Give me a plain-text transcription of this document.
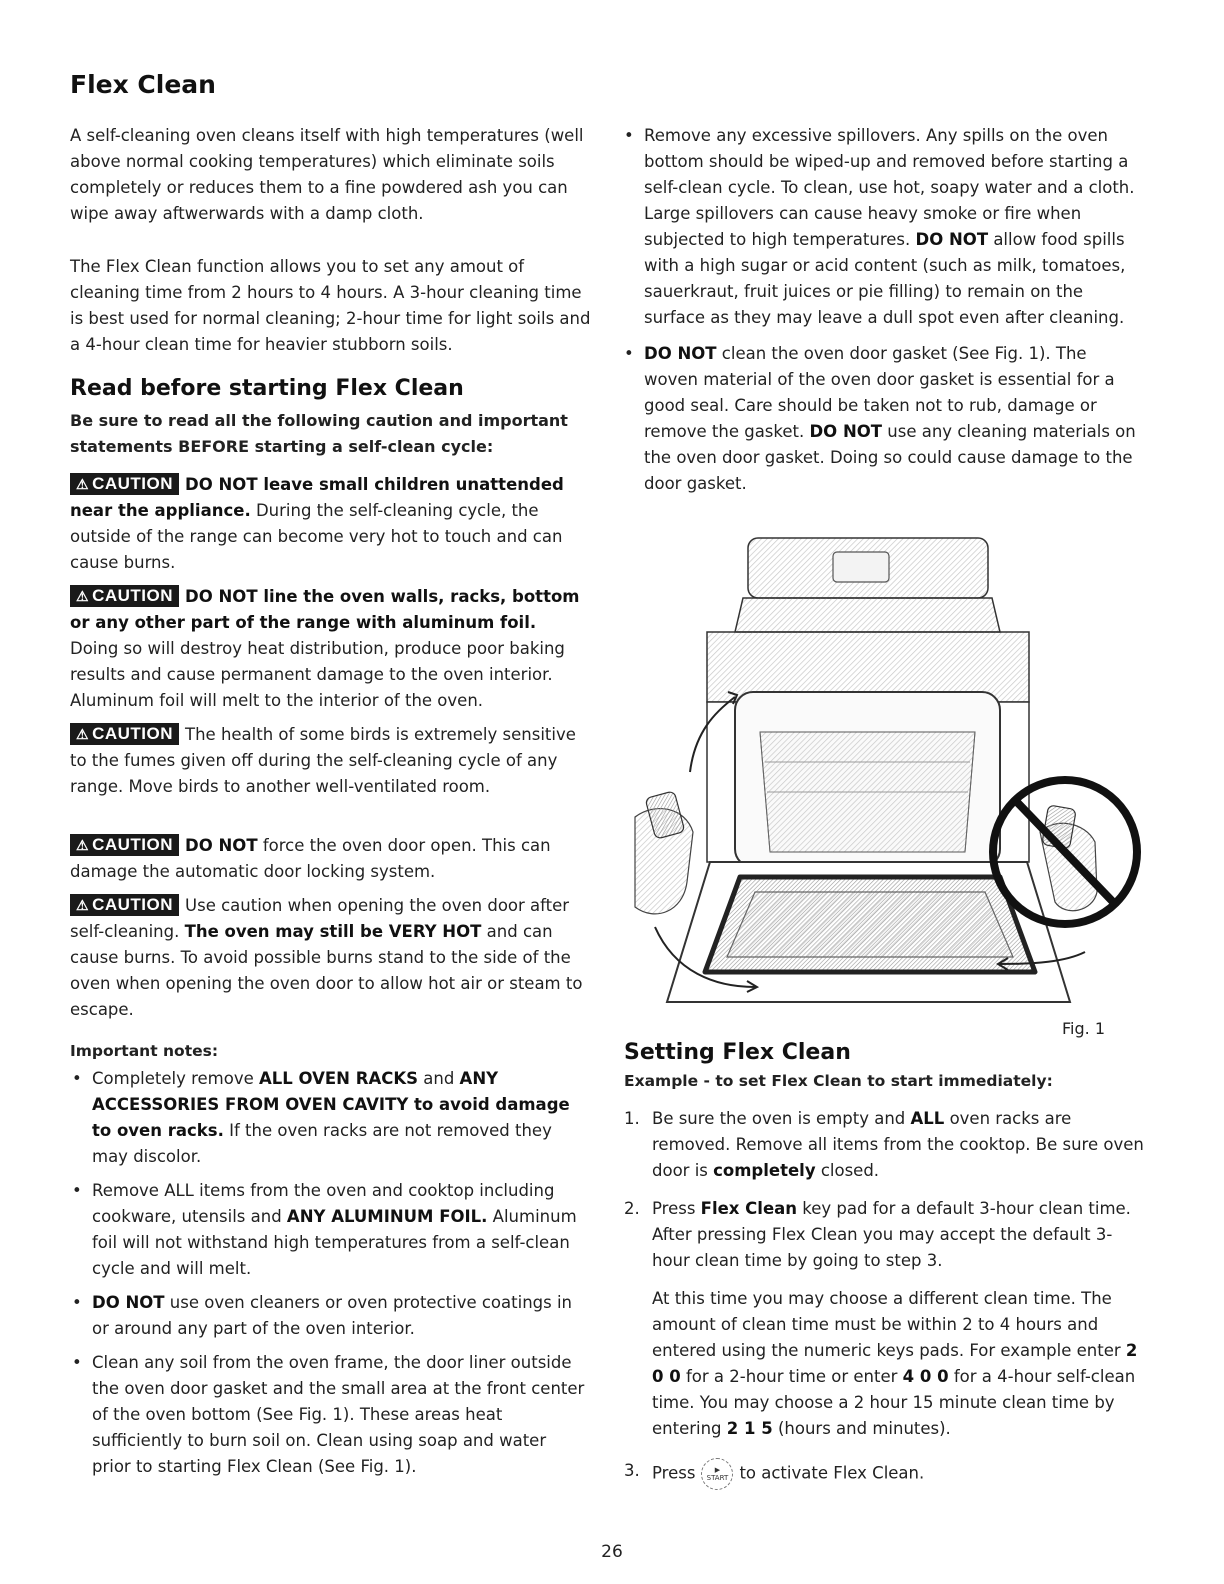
Flex Clean

A self-cleaning oven cleans itself with high temperatures (well above normal cooking temperatures) which eliminate soils completely or reduces them to a fine powdered ash you can wipe away aftwerwards with a damp cloth.

The Flex Clean function allows you to set any amout of cleaning time from 2 hours to 4 hours. A 3-hour cleaning time is best used for normal cleaning; 2-hour time for light soils and a 4-hour clean time for heavier stubborn soils.

Read before starting Flex Clean

Be sure to read all the following caution and important statements BEFORE starting a self-clean cycle:

⚠ CAUTION DO NOT leave small children unattended near the appliance. During the self-cleaning cycle, the outside of the range can become very hot to touch and can cause burns.

⚠ CAUTION DO NOT line the oven walls, racks, bottom or any other part of the range with aluminum foil. Doing so will destroy heat distribution, produce poor baking results and cause permanent damage to the oven interior. Aluminum foil will melt to the interior of the oven.

⚠ CAUTION The health of some birds is extremely sensitive to the fumes given off during the self-cleaning cycle of any range. Move birds to another well-ventilated room.

⚠ CAUTION DO NOT force the oven door open. This can damage the automatic door locking system.

⚠ CAUTION Use caution when opening the oven door after self-cleaning. The oven may still be VERY HOT and can cause burns. To avoid possible burns stand to the side of the oven when opening the oven door to allow hot air or steam to escape.

Important notes:
• Completely remove ALL OVEN RACKS and ANY ACCESSORIES FROM OVEN CAVITY to avoid damage to oven racks. If the oven racks are not removed they may discolor.
• Remove ALL items from the oven and cooktop including cookware, utensils and ANY ALUMINUM FOIL. Aluminum foil will not withstand high temperatures from a self-clean cycle and will melt.
• DO NOT use oven cleaners or oven protective coatings in or around any part of the oven interior.
• Clean any soil from the oven frame, the door liner outside the oven door gasket and the small area at the front center of the oven bottom (See Fig. 1). These areas heat sufficiently to burn soil on. Clean using soap and water prior to starting Flex Clean (See Fig. 1).
• Remove any excessive spillovers. Any spills on the oven bottom should be wiped-up and removed before starting a self-clean cycle. To clean, use hot, soapy water and a cloth. Large spillovers can cause heavy smoke or fire when subjected to high temperatures. DO NOT allow food spills with a high sugar or acid content (such as milk, tomatoes, sauerkraut, fruit juices or pie filling) to remain on the surface as they may leave a dull spot even after cleaning.
• DO NOT clean the oven door gasket (See Fig. 1). The woven material of the oven door gasket is essential for a good seal. Care should be taken not to rub, damage or remove the gasket. DO NOT use any cleaning materials on the oven door gasket. Doing so could cause damage to the door gasket.
Fig. 1
Setting Flex Clean
Example - to set Flex Clean to start immediately:
1. Be sure the oven is empty and ALL oven racks are removed. Remove all items from the cooktop. Be sure oven door is completely closed.
2. Press Flex Clean key pad for a default 3-hour clean time. After pressing Flex Clean you may accept the default 3-hour clean time by going to step 3.
At this time you may choose a different clean time. The amount of clean time must be within 2 to 4 hours and entered using the numeric keys pads. For example enter 2 0 0 for a 2-hour time or enter 4 0 0 for a 4-hour self-clean time. You may choose a 2 hour 15 minute clean time by entering 2 1 5 (hours and minutes).
3. Press	▶
START to activate Flex Clean.
26
